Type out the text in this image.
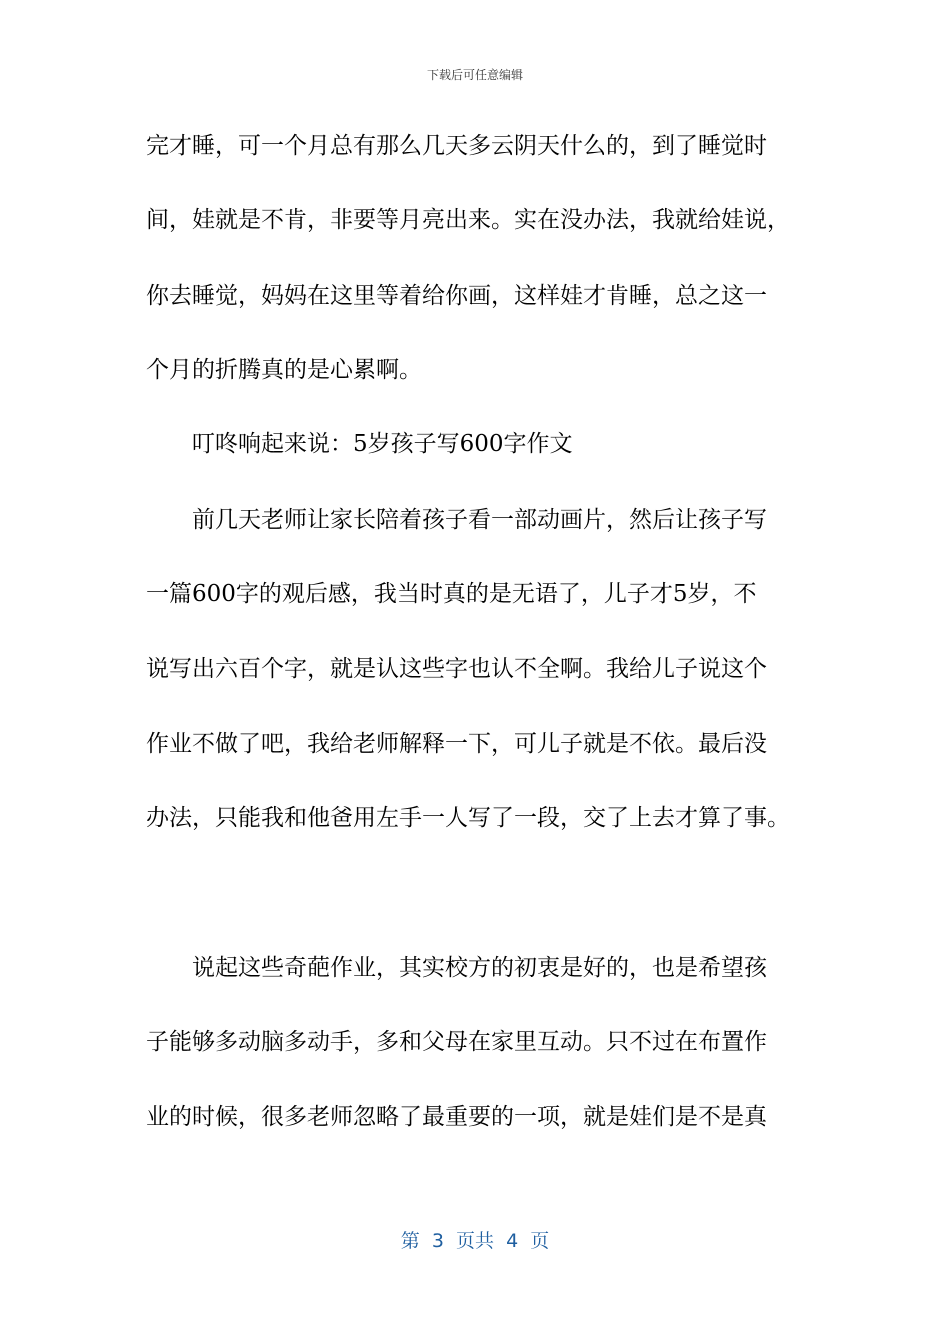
下载后可任意编辑
完才睡，可一个月总有那么几天多云阴天什么的，到了睡觉时
间，娃就是不肯，非要等月亮出来。实在没办法，我就给娃说，
你去睡觉，妈妈在这里等着给你画，这样娃才肯睡，总之这一
个月的折腾真的是心累啊。
叮咚响起来说：5岁孩子写600字作文
前几天老师让家长陪着孩子看一部动画片，然后让孩子写
一篇600字的观后感，我当时真的是无语了，儿子才5岁，不
说写出六百个字，就是认这些字也认不全啊。我给儿子说这个
作业不做了吧，我给老师解释一下，可儿子就是不依。最后没
办法，只能我和他爸用左手一人写了一段，交了上去才算了事。
说起这些奇葩作业，其实校方的初衷是好的，也是希望孩
子能够多动脑多动手，多和父母在家里互动。只不过在布置作
业的时候，很多老师忽略了最重要的一项，就是娃们是不是真
第  3  页共  4  页
